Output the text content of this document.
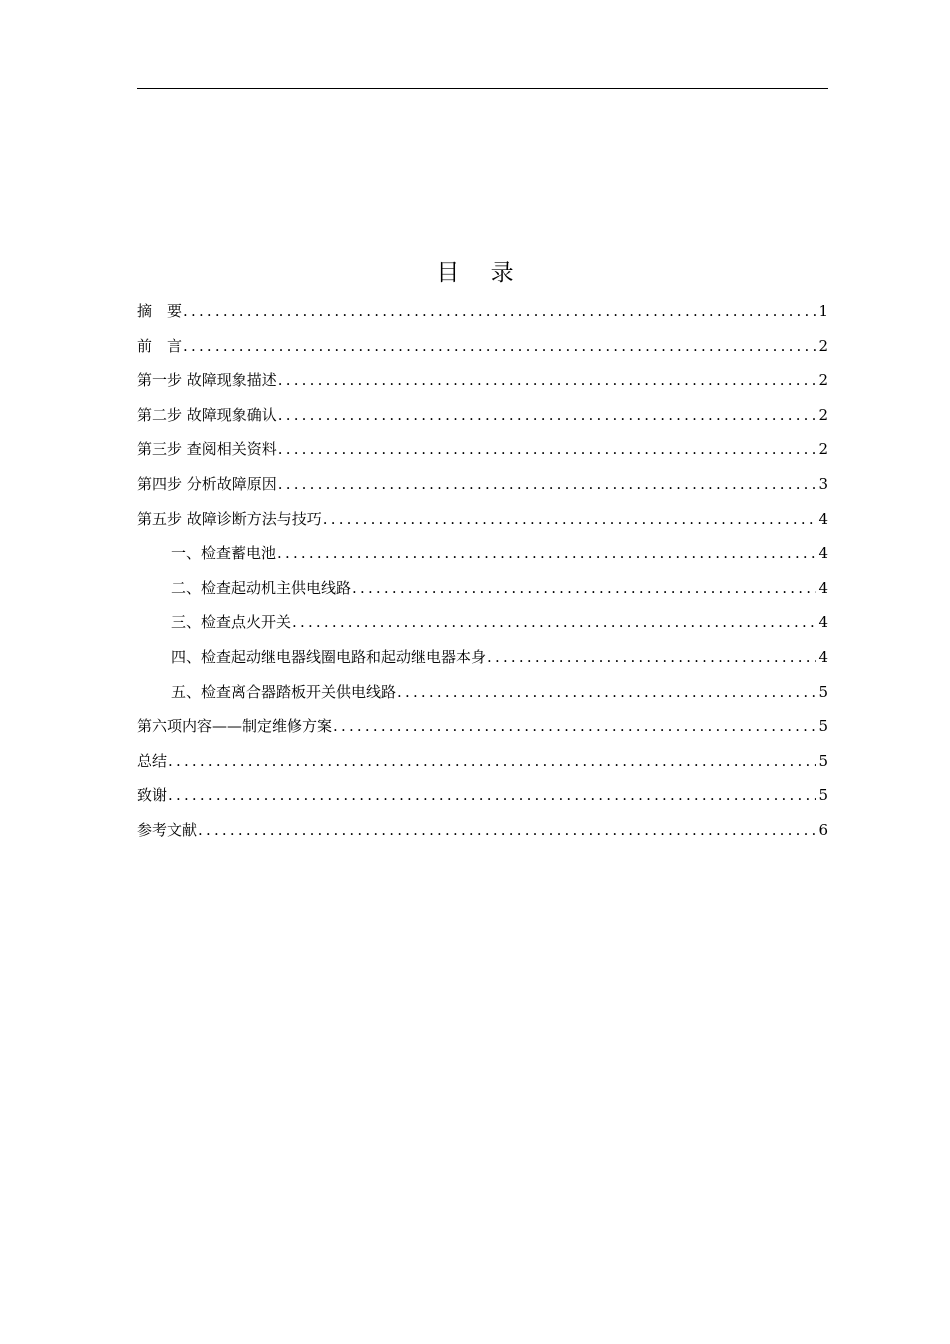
目 录
摘　要 .....	1
前　言 .....	2
第一步 故障现象描述 .....	2
第二步 故障现象确认 .....	2
第三步 查阅相关资料 .....	2
第四步 分析故障原因 .....	3
第五步 故障诊断方法与技巧 .....	4
一、检查蓄电池 .....	4
二、检查起动机主供电线路 .....	4
三、检查点火开关 .....	4
四、检查起动继电器线圈电路和起动继电器本身 .....	4
五、检查离合器踏板开关供电线路 .....	5
第六项内容——制定维修方案 .....	5
总结 .....	5
致谢 .....	5
参考文献 .....	6
